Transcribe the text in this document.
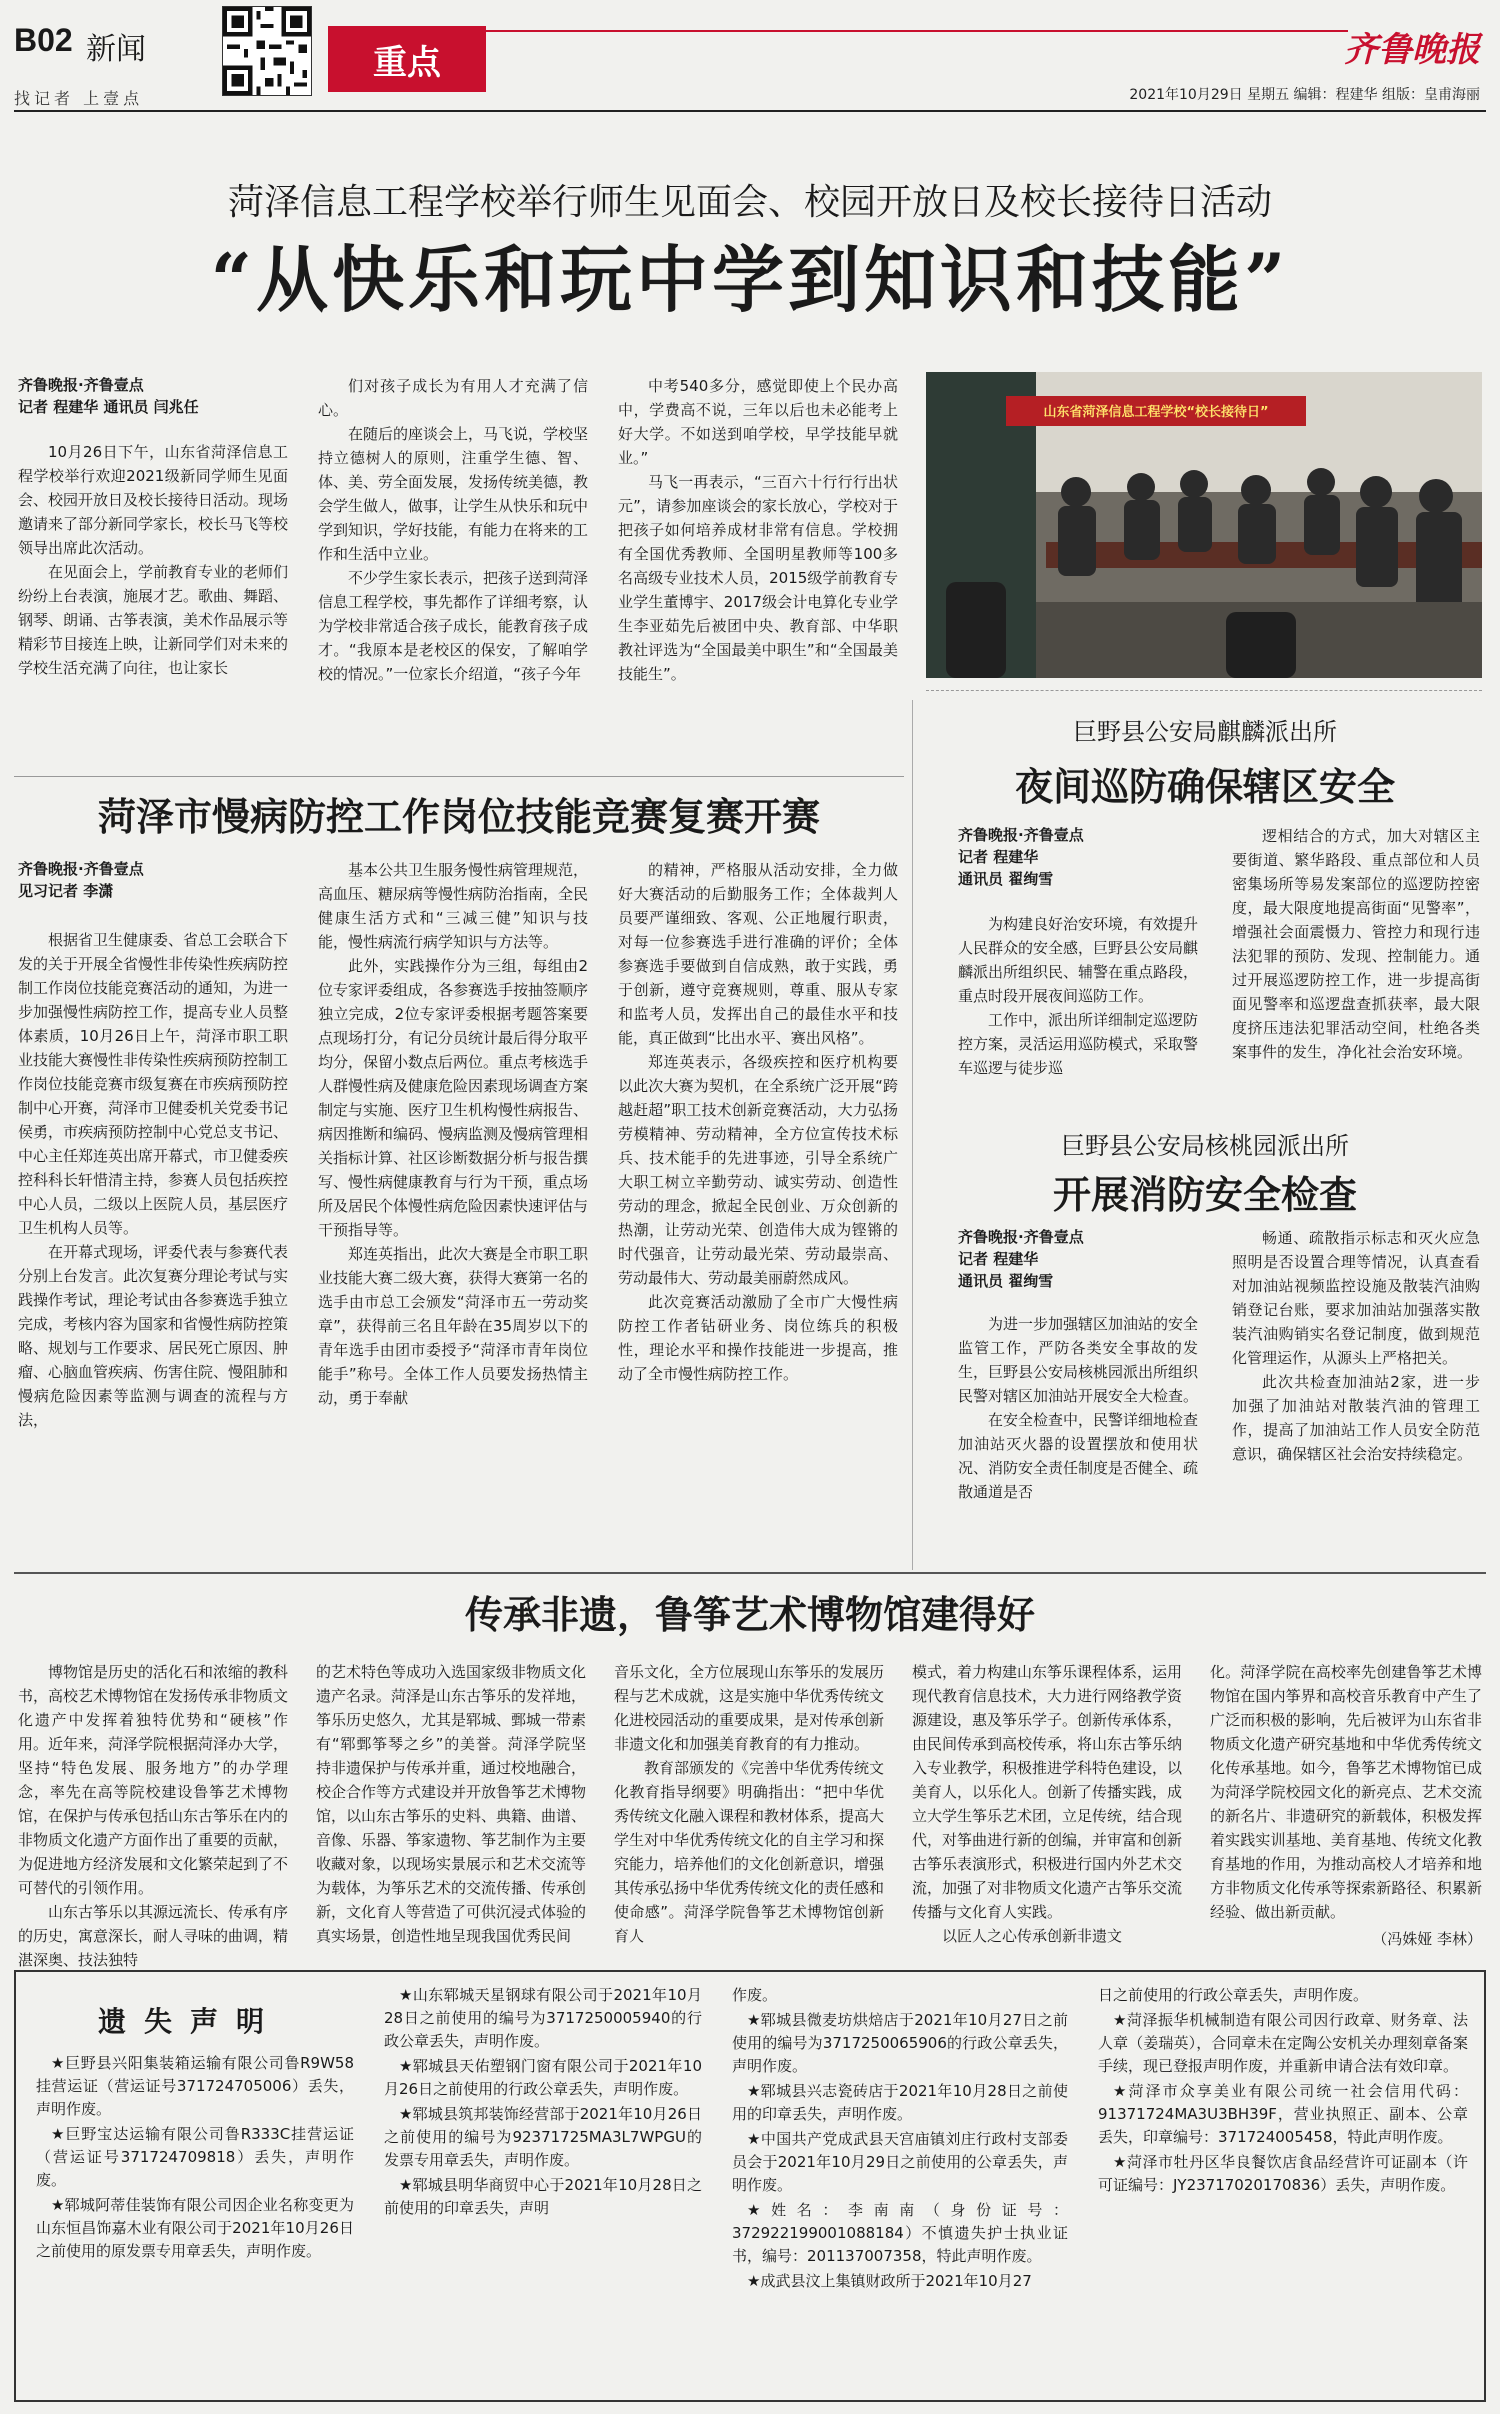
B02 新闻
找记者 上壹点
重点	齐鲁晚报
2021年10月29日 星期五 编辑：程建华 组版：皇甫海丽
菏泽信息工程学校举行师生见面会、校园开放日及校长接待日活动
“从快乐和玩中学到知识和技能”
齐鲁晚报·齐鲁壹点
记者 程建华 通讯员 闫兆任

10月26日下午，山东省菏泽信息工程学校举行欢迎2021级新同学师生见面会、校园开放日及校长接待日活动。现场邀请来了部分新同学家长，校长马飞等校领导出席此次活动。

在见面会上，学前教育专业的老师们纷纷上台表演，施展才艺。歌曲、舞蹈、钢琴、朗诵、古筝表演，美术作品展示等精彩节目接连上映，让新同学们对未来的学校生活充满了向往，也让家长

们对孩子成长为有用人才充满了信心。

在随后的座谈会上，马飞说，学校坚持立德树人的原则，注重学生德、智、体、美、劳全面发展，发扬传统美德，教会学生做人，做事，让学生从快乐和玩中学到知识，学好技能，有能力在将来的工作和生活中立业。

不少学生家长表示，把孩子送到菏泽信息工程学校，事先都作了详细考察，认为学校非常适合孩子成长，能教育孩子成才。“我原本是老校区的保安，了解咱学校的情况。”一位家长介绍道，“孩子今年

中考540多分，感觉即使上个民办高中，学费高不说，三年以后也未必能考上好大学。不如送到咱学校，早学技能早就业。”

马飞一再表示，“三百六十行行行出状元”，请参加座谈会的家长放心，学校对于把孩子如何培养成材非常有信息。学校拥有全国优秀教师、全国明星教师等100多名高级专业技术人员，2015级学前教育专业学生董博宇、2017级会计电算化专业学生李亚茹先后被团中央、教育部、中华职教社评选为“全国最美中职生”和“全国最美技能生”。

山东省菏泽信息工程学校“校长接待日”
菏泽市慢病防控工作岗位技能竞赛复赛开赛
齐鲁晚报·齐鲁壹点
见习记者 李潇

根据省卫生健康委、省总工会联合下发的关于开展全省慢性非传染性疾病防控制工作岗位技能竞赛活动的通知，为进一步加强慢性病防控工作，提高专业人员整体素质，10月26日上午，菏泽市职工职业技能大赛慢性非传染性疾病预防控制工作岗位技能竞赛市级复赛在市疾病预防控制中心开赛，菏泽市卫健委机关党委书记侯勇，市疾病预防控制中心党总支书记、中心主任郑连英出席开幕式，市卫健委疾控科科长轩惜清主持，参赛人员包括疾控中心人员，二级以上医院人员，基层医疗卫生机构人员等。

在开幕式现场，评委代表与参赛代表分别上台发言。此次复赛分理论考试与实践操作考试，理论考试由各参赛选手独立完成，考核内容为国家和省慢性病防控策略、规划与工作要求、居民死亡原因、肿瘤、心脑血管疾病、伤害住院、慢阻肺和慢病危险因素等监测与调查的流程与方法，

基本公共卫生服务慢性病管理规范，高血压、糖尿病等慢性病防治指南，全民健康生活方式和“三减三健”知识与技能，慢性病流行病学知识与方法等。

此外，实践操作分为三组，每组由2位专家评委组成，各参赛选手按抽签顺序独立完成，2位专家评委根据考题答案要点现场打分，有记分员统计最后得分取平均分，保留小数点后两位。重点考核选手人群慢性病及健康危险因素现场调查方案制定与实施、医疗卫生机构慢性病报告、病因推断和编码、慢病监测及慢病管理相关指标计算、社区诊断数据分析与报告撰写、慢性病健康教育与行为干预，重点场所及居民个体慢性病危险因素快速评估与干预指导等。

郑连英指出，此次大赛是全市职工职业技能大赛二级大赛，获得大赛第一名的选手由市总工会颁发“菏泽市五一劳动奖章”，获得前三名且年龄在35周岁以下的青年选手由团市委授予“菏泽市青年岗位能手”称号。全体工作人员要发扬热情主动，勇于奉献

的精神，严格服从活动安排，全力做好大赛活动的后勤服务工作；全体裁判人员要严谨细致、客观、公正地履行职责，对每一位参赛选手进行准确的评价；全体参赛选手要做到自信成熟，敢于实践，勇于创新，遵守竞赛规则，尊重、服从专家和监考人员，发挥出自己的最佳水平和技能，真正做到“比出水平、赛出风格”。

郑连英表示，各级疾控和医疗机构要以此次大赛为契机，在全系统广泛开展“跨越赶超”职工技术创新竞赛活动，大力弘扬劳模精神、劳动精神，全方位宣传技术标兵、技术能手的先进事迹，引导全系统广大职工树立辛勤劳动、诚实劳动、创造性劳动的理念，掀起全民创业、万众创新的热潮，让劳动光荣、创造伟大成为铿锵的时代强音，让劳动最光荣、劳动最崇高、劳动最伟大、劳动最美丽蔚然成风。

此次竞赛活动激励了全市广大慢性病防控工作者钻研业务、岗位练兵的积极性，理论水平和操作技能进一步提高，推动了全市慢性病防控工作。

巨野县公安局麒麟派出所
夜间巡防确保辖区安全
齐鲁晚报·齐鲁壹点
记者 程建华
通讯员 翟绚雪

为构建良好治安环境，有效提升人民群众的安全感，巨野县公安局麒麟派出所组织民、辅警在重点路段，重点时段开展夜间巡防工作。

工作中，派出所详细制定巡逻防控方案，灵活运用巡防模式，采取警车巡逻与徒步巡

逻相结合的方式，加大对辖区主要街道、繁华路段、重点部位和人员密集场所等易发案部位的巡逻防控密度，最大限度地提高街面“见警率”，增强社会面震慑力、管控力和现行违法犯罪的预防、发现、控制能力。通过开展巡逻防控工作，进一步提高街面见警率和巡逻盘查抓获率，最大限度挤压违法犯罪活动空间，杜绝各类案事件的发生，净化社会治安环境。

巨野县公安局核桃园派出所
开展消防安全检查
齐鲁晚报·齐鲁壹点
记者 程建华
通讯员 翟绚雪

为进一步加强辖区加油站的安全监管工作，严防各类安全事故的发生，巨野县公安局核桃园派出所组织民警对辖区加油站开展安全大检查。

在安全检查中，民警详细地检查加油站灭火器的设置摆放和使用状况、消防安全责任制度是否健全、疏散通道是否

畅通、疏散指示标志和灭火应急照明是否设置合理等情况，认真查看对加油站视频监控设施及散装汽油购销登记台账，要求加油站加强落实散装汽油购销实名登记制度，做到规范化管理运作，从源头上严格把关。

此次共检查加油站2家，进一步加强了加油站对散装汽油的管理工作，提高了加油站工作人员安全防范意识，确保辖区社会治安持续稳定。

传承非遗，鲁筝艺术博物馆建得好

博物馆是历史的活化石和浓缩的教科书，高校艺术博物馆在发扬传承非物质文化遗产中发挥着独特优势和“硬核”作用。近年来，菏泽学院根据菏泽办大学，坚持“特色发展、服务地方”的办学理念，率先在高等院校建设鲁筝艺术博物馆，在保护与传承包括山东古筝乐在内的非物质文化遗产方面作出了重要的贡献，为促进地方经济发展和文化繁荣起到了不可替代的引领作用。

山东古筝乐以其源远流长、传承有序的历史，寓意深长，耐人寻味的曲调，精湛深奥、技法独特

的艺术特色等成功入选国家级非物质文化遗产名录。菏泽是山东古筝乐的发祥地，筝乐历史悠久，尤其是郓城、鄄城一带素有“郓鄄筝琴之乡”的美誉。菏泽学院坚持非遗保护与传承并重，通过校地融合，校企合作等方式建设并开放鲁筝艺术博物馆，以山东古筝乐的史料、典籍、曲谱、音像、乐器、筝家遗物、筝艺制作为主要收藏对象，以现场实景展示和艺术交流等为载体，为筝乐艺术的交流传播、传承创新，文化育人等营造了可供沉浸式体验的真实场景，创造性地呈现我国优秀民间

音乐文化，全方位展现山东筝乐的发展历程与艺术成就，这是实施中华优秀传统文化进校园活动的重要成果，是对传承创新非遗文化和加强美育教育的有力推动。

教育部颁发的《完善中华优秀传统文化教育指导纲要》明确指出：“把中华优秀传统文化融入课程和教材体系，提高大学生对中华优秀传统文化的自主学习和探究能力，培养他们的文化创新意识，增强其传承弘扬中华优秀传统文化的责任感和使命感”。菏泽学院鲁筝艺术博物馆创新育人

模式，着力构建山东筝乐课程体系，运用现代教育信息技术，大力进行网络教学资源建设，惠及筝乐学子。创新传承体系，由民间传承到高校传承，将山东古筝乐纳入专业教学，积极推进学科特色建设，以美育人，以乐化人。创新了传播实践，成立大学生筝乐艺术团，立足传统，结合现代，对筝曲进行新的创编，并审富和创新古筝乐表演形式，积极进行国内外艺术交流，加强了对非物质文化遗产古筝乐交流传播与文化育人实践。

以匠人之心传承创新非遗文

化。菏泽学院在高校率先创建鲁筝艺术博物馆在国内筝界和高校音乐教育中产生了广泛而积极的影响，先后被评为山东省非物质文化遗产研究基地和中华优秀传统文化传承基地。如今，鲁筝艺术博物馆已成为菏泽学院校园文化的新亮点、艺术交流的新名片、非遗研究的新载体，积极发挥着实践实训基地、美育基地、传统文化教育基地的作用，为推动高校人才培养和地方非物质文化传承等探索新路径、积累新经验、做出新贡献。

（冯姝娅 李林）
遗失声明

★巨野县兴阳集装箱运输有限公司鲁R9W58挂营运证（营运证号371724705006）丢失，声明作废。

★巨野宝达运输有限公司鲁R333C挂营运证（营运证号371724709818）丢失，声明作废。

★郓城阿蒂佳装饰有限公司因企业名称变更为山东恒昌饰嘉木业有限公司于2021年10月26日之前使用的原发票专用章丢失，声明作废。

★山东郓城天星钢球有限公司于2021年10月28日之前使用的编号为3717250005940的行政公章丢失，声明作废。

★郓城县天佑塑钢门窗有限公司于2021年10月26日之前使用的行政公章丢失，声明作废。

★郓城县筑邦装饰经营部于2021年10月26日之前使用的编号为92371725MA3L7WPGU的发票专用章丢失，声明作废。

★郓城县明华商贸中心于2021年10月28日之前使用的印章丢失，声明

作废。

★郓城县微麦坊烘焙店于2021年10月27日之前使用的编号为3717250065906的行政公章丢失，声明作废。

★郓城县兴志瓷砖店于2021年10月28日之前使用的印章丢失，声明作废。

★中国共产党成武县天宫庙镇刘庄行政村支部委员会于2021年10月29日之前使用的公章丢失，声明作废。

★姓名：李南南（身份证号：372922199001088184）不慎遗失护士执业证书，编号：201137007358，特此声明作废。

★成武县汶上集镇财政所于2021年10月27

日之前使用的行政公章丢失，声明作废。

★菏泽振华机械制造有限公司因行政章、财务章、法人章（姜瑞英），合同章未在定陶公安机关办理刻章备案手续，现已登报声明作废，并重新申请合法有效印章。

★菏泽市众享美业有限公司统一社会信用代码：91371724MA3U3BH39F，营业执照正、副本、公章丢失，印章编号：371724005458，特此声明作废。

★菏泽市牡丹区华良餐饮店食品经营许可证副本（许可证编号：JY23717020170836）丢失，声明作废。
